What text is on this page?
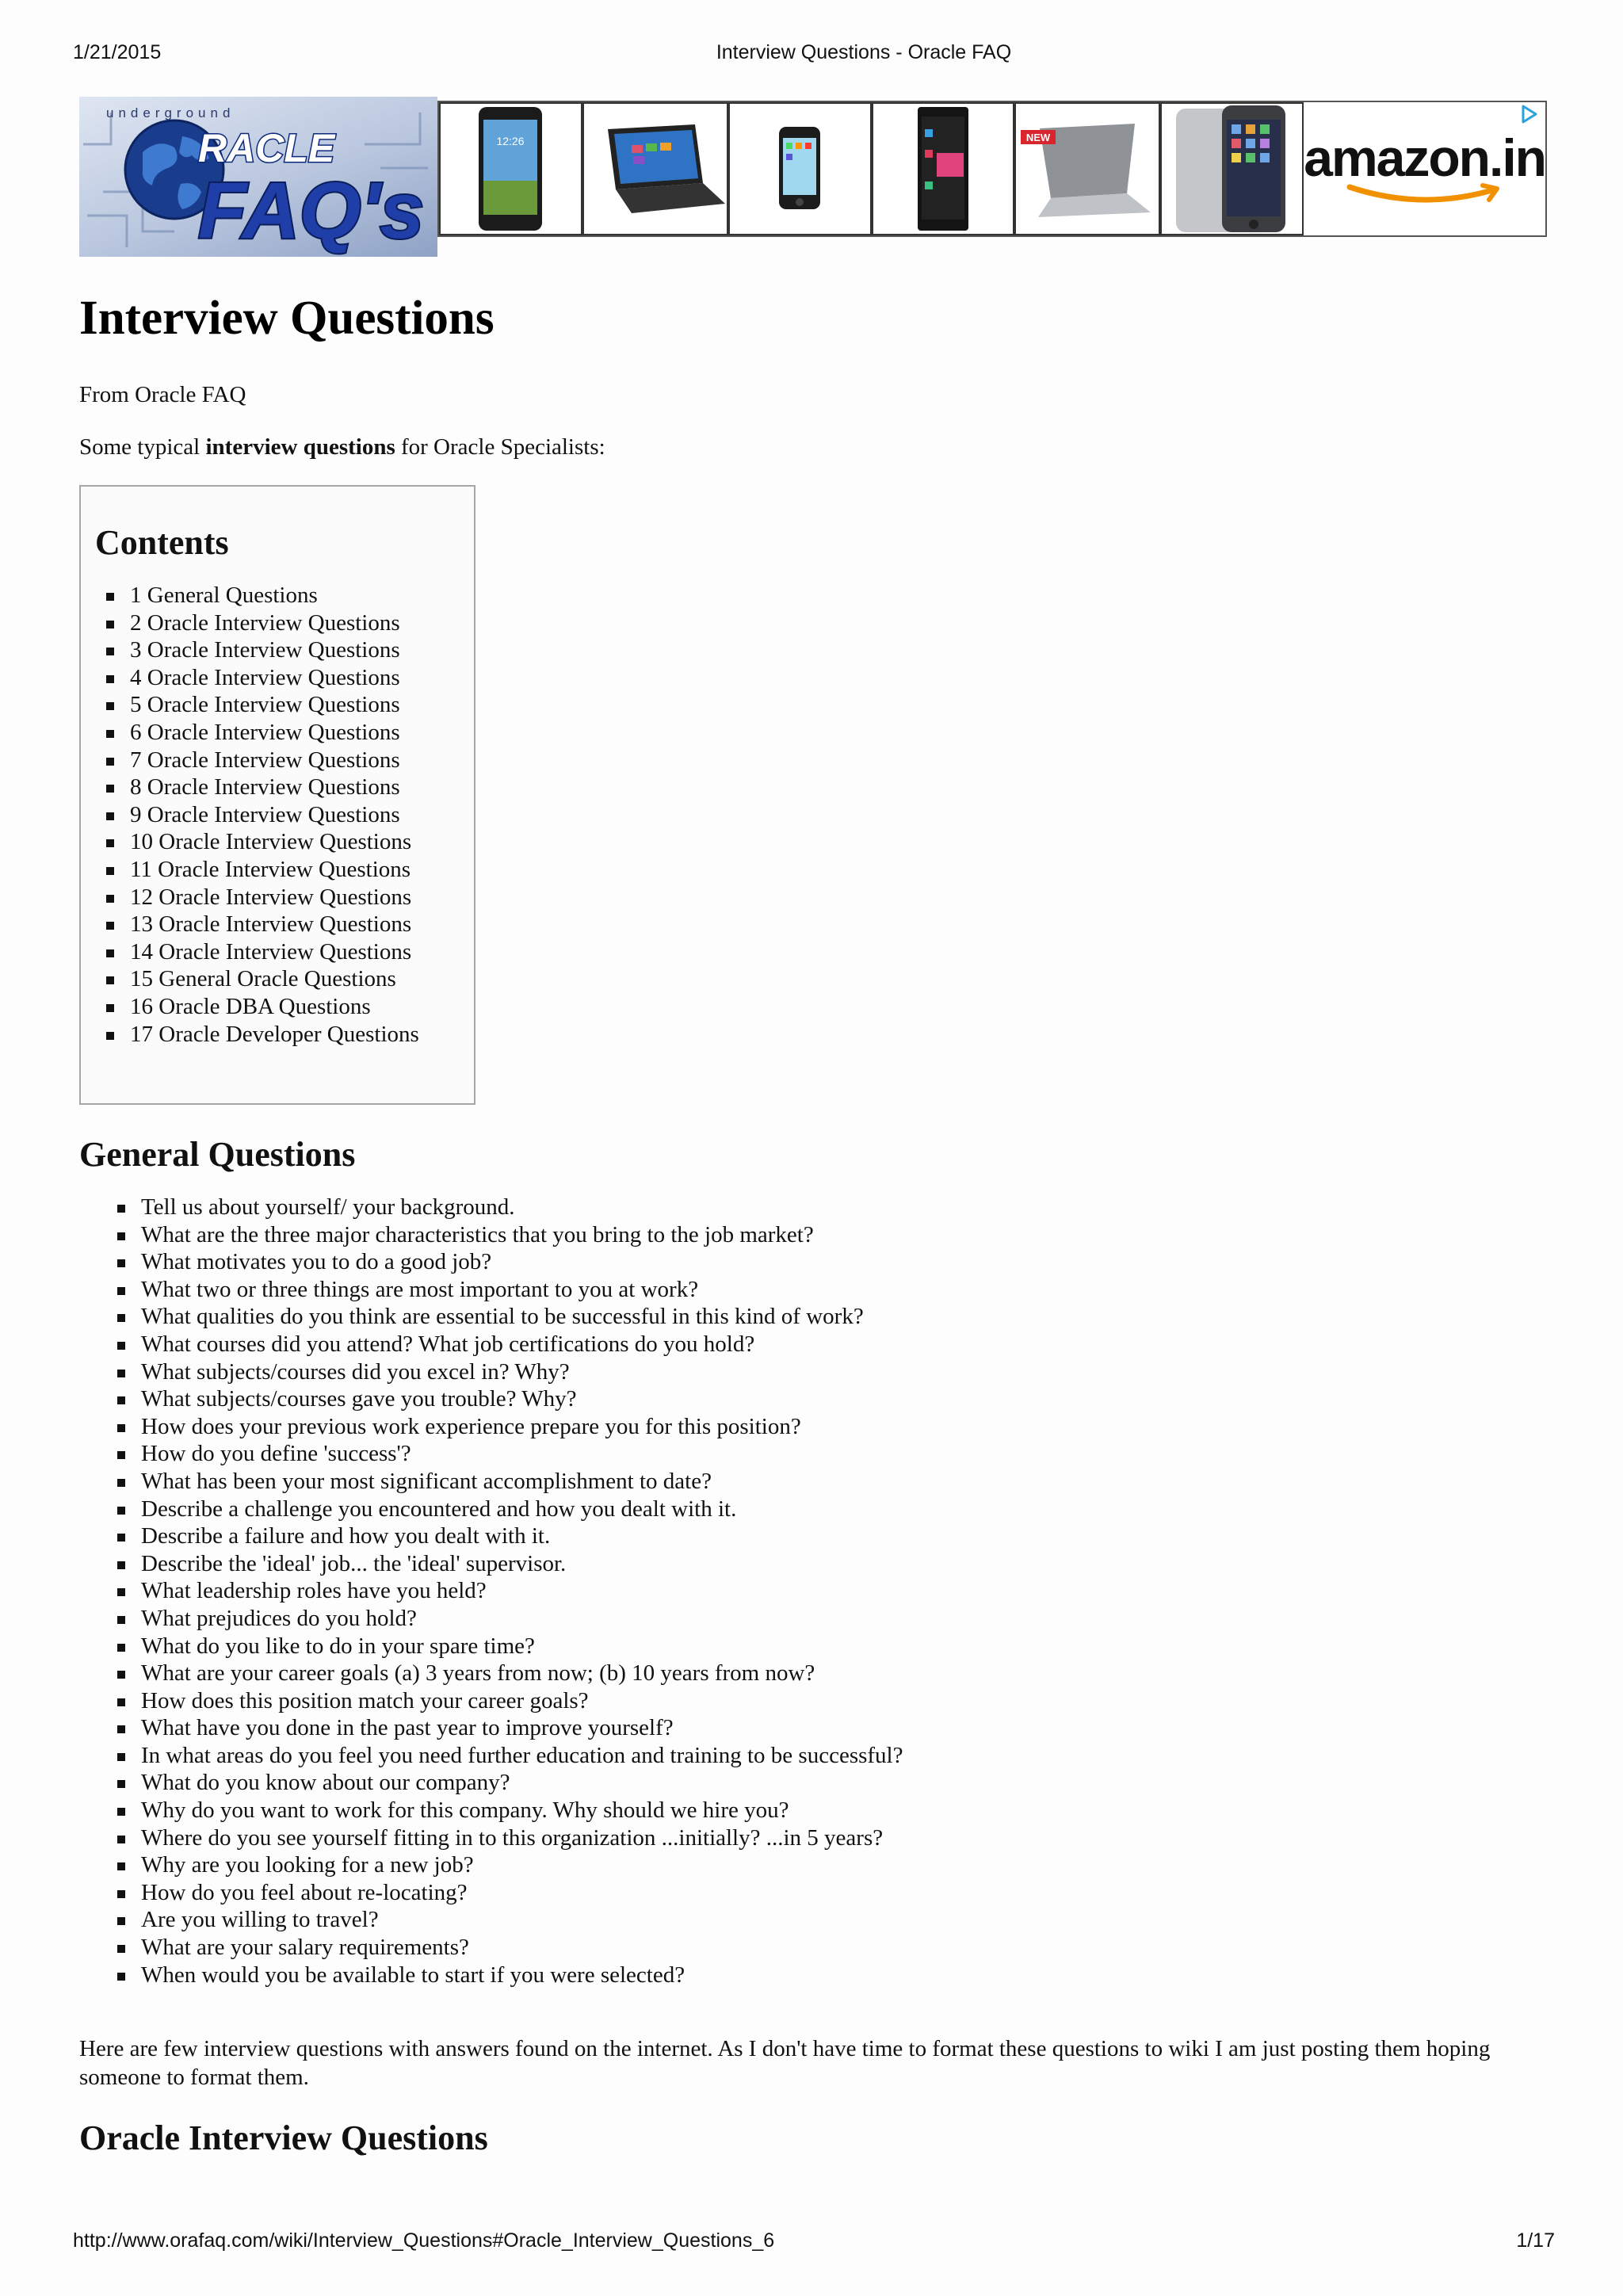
1/21/2015	Interview Questions - Oracle FAQ
underground
RACLE
FAQ's
12:26	NEW	amazon.in
Interview Questions

From Oracle FAQ

Some typical interview questions for Oracle Specialists:

Contents
1 General Questions
2 Oracle Interview Questions
3 Oracle Interview Questions
4 Oracle Interview Questions
5 Oracle Interview Questions
6 Oracle Interview Questions
7 Oracle Interview Questions
8 Oracle Interview Questions
9 Oracle Interview Questions
10 Oracle Interview Questions
11 Oracle Interview Questions
12 Oracle Interview Questions
13 Oracle Interview Questions
14 Oracle Interview Questions
15 General Oracle Questions
16 Oracle DBA Questions
17 Oracle Developer Questions
General Questions
Tell us about yourself/ your background.
What are the three major characteristics that you bring to the job market?
What motivates you to do a good job?
What two or three things are most important to you at work?
What qualities do you think are essential to be successful in this kind of work?
What courses did you attend? What job certifications do you hold?
What subjects/courses did you excel in? Why?
What subjects/courses gave you trouble? Why?
How does your previous work experience prepare you for this position?
How do you define 'success'?
What has been your most significant accomplishment to date?
Describe a challenge you encountered and how you dealt with it.
Describe a failure and how you dealt with it.
Describe the 'ideal' job... the 'ideal' supervisor.
What leadership roles have you held?
What prejudices do you hold?
What do you like to do in your spare time?
What are your career goals (a) 3 years from now; (b) 10 years from now?
How does this position match your career goals?
What have you done in the past year to improve yourself?
In what areas do you feel you need further education and training to be successful?
What do you know about our company?
Why do you want to work for this company. Why should we hire you?
Where do you see yourself fitting in to this organization ...initially? ...in 5 years?
Why are you looking for a new job?
How do you feel about re-locating?
Are you willing to travel?
What are your salary requirements?
When would you be available to start if you were selected?

Here are few interview questions with answers found on the internet. As I don't have time to format these questions to wiki I am just posting them hoping someone to format them.

Oracle Interview Questions
http://www.orafaq.com/wiki/Interview_Questions#Oracle_Interview_Questions_6	1/17
